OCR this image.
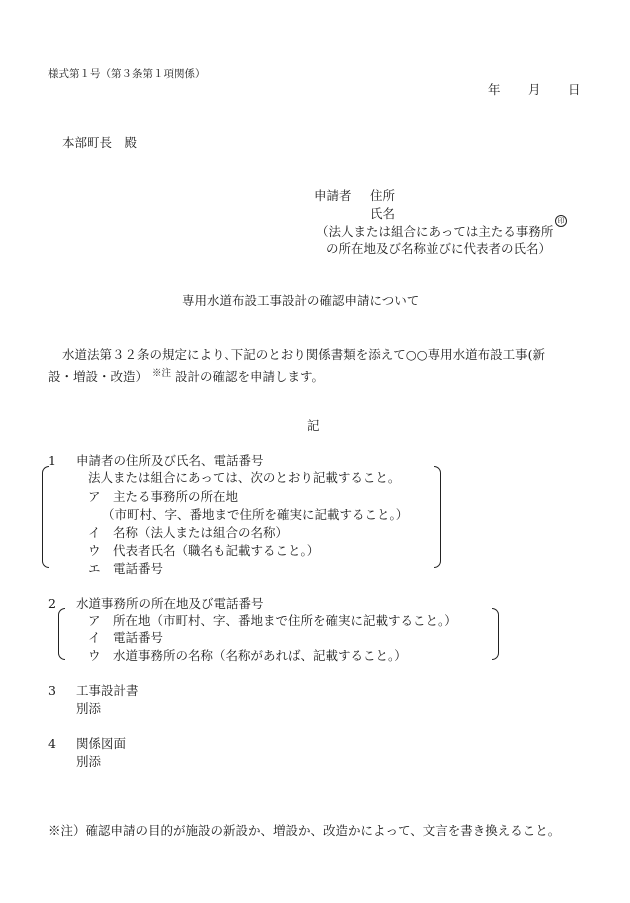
様式第１号（第３条第１項関係）
年 月 日
本部町長　殿
申請者 住所
氏名	印
（法人または組合にあっては主たる事務所
の所在地及び名称並びに代表者の氏名）
専用水道布設工事設計の確認申請について
水道法第３２条の規定により､下記のとおり関係書類を添えて○○専用水道布設工事(新
設・増設・改造） $^{※注}$ 設計の確認を申請します。
記
1 申請者の住所及び氏名、電話番号
法人または組合にあっては、次のとおり記載すること。
ア　主たる事務所の所在地
（市町村、字、番地まで住所を確実に記載すること。）
イ　名称（法人または組合の名称）
ウ　代表者氏名（職名も記載すること。）
エ　電話番号
2 水道事務所の所在地及び電話番号
ア　所在地（市町村、字、番地まで住所を確実に記載すること。）
イ　電話番号
ウ　水道事務所の名称（名称があれば、記載すること。）
3 工事設計書
別添
4 関係図面
別添
※注）確認申請の目的が施設の新設か、増設か、改造かによって、文言を書き換えること。
